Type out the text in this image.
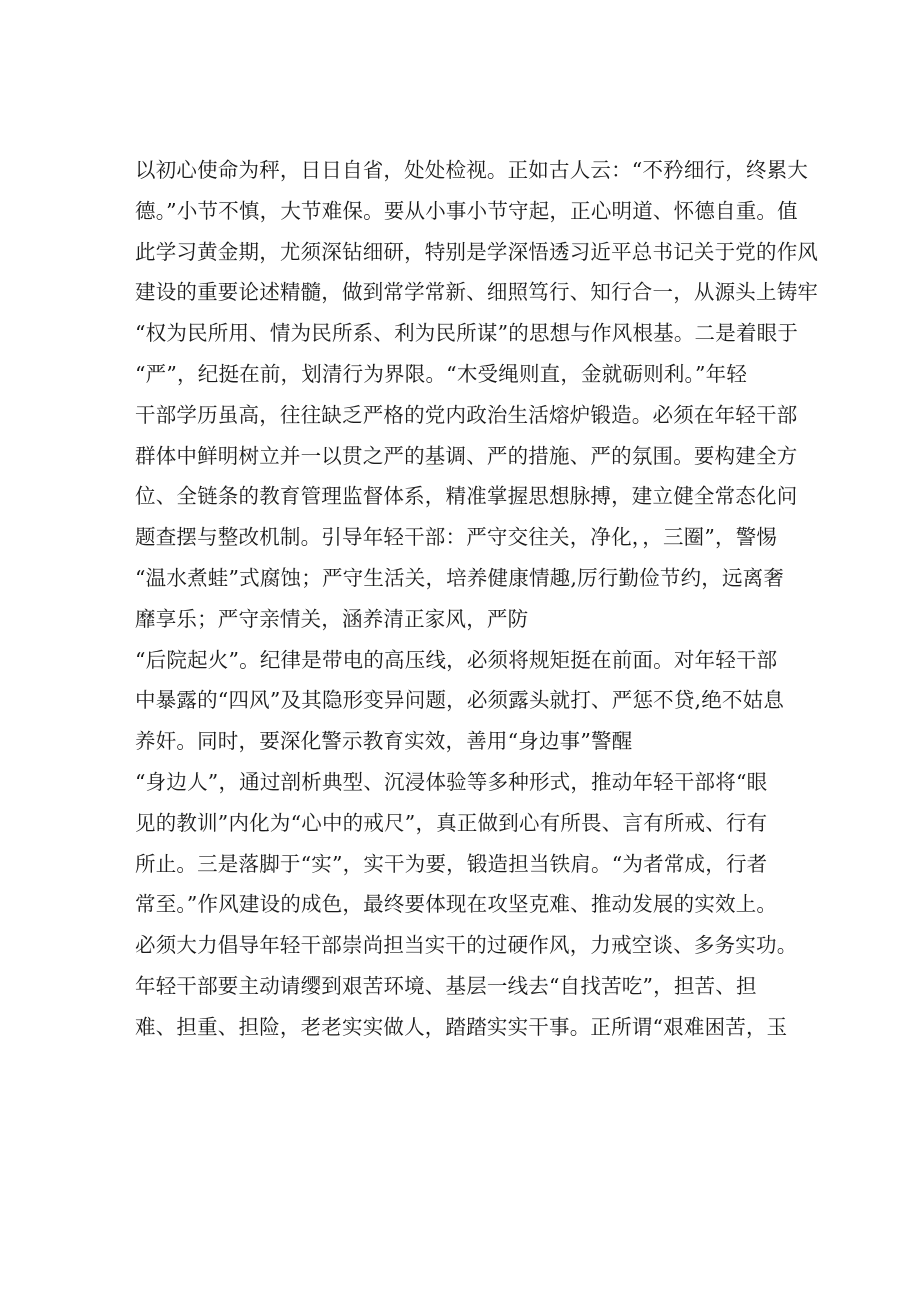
以初心使命为秤，日日自省，处处检视。正如古人云：“不矜细行，终累大
德。”小节不慎，大节难保。要从小事小节守起，正心明道、怀德自重。值
此学习黄金期，尤须深钻细研，特别是学深悟透习近平总书记关于党的作风
建设的重要论述精髓，做到常学常新、细照笃行、知行合一，从源头上铸牢
“权为民所用、情为民所系、利为民所谋”的思想与作风根基。二是着眼于
“严”，纪挺在前，划清行为界限。“木受绳则直，金就砺则利。”年轻
干部学历虽高，往往缺乏严格的党内政治生活熔炉锻造。必须在年轻干部
群体中鲜明树立并一以贯之严的基调、严的措施、严的氛围。要构建全方
位、全链条的教育管理监督体系，精准掌握思想脉搏，建立健全常态化问
题查摆与整改机制。引导年轻干部：严守交往关，净化，，三圈”，警惕
“温水煮蛙”式腐蚀；严守生活关，培养健康情趣,厉行勤俭节约，远离奢
靡享乐；严守亲情关，涵养清正家风，严防
“后院起火”。纪律是带电的高压线，必须将规矩挺在前面。对年轻干部
中暴露的“四风”及其隐形变异问题，必须露头就打、严惩不贷,绝不姑息
养奸。同时，要深化警示教育实效，善用“身边事”警醒
“身边人”，通过剖析典型、沉浸体验等多种形式，推动年轻干部将“眼
见的教训”内化为“心中的戒尺”，真正做到心有所畏、言有所戒、行有
所止。三是落脚于“实”，实干为要，锻造担当铁肩。“为者常成，行者
常至。”作风建设的成色，最终要体现在攻坚克难、推动发展的实效上。
必须大力倡导年轻干部崇尚担当实干的过硬作风，力戒空谈、多务实功。
年轻干部要主动请缨到艰苦环境、基层一线去“自找苦吃”，担苦、担
难、担重、担险，老老实实做人，踏踏实实干事。正所谓“艰难困苦，玉
